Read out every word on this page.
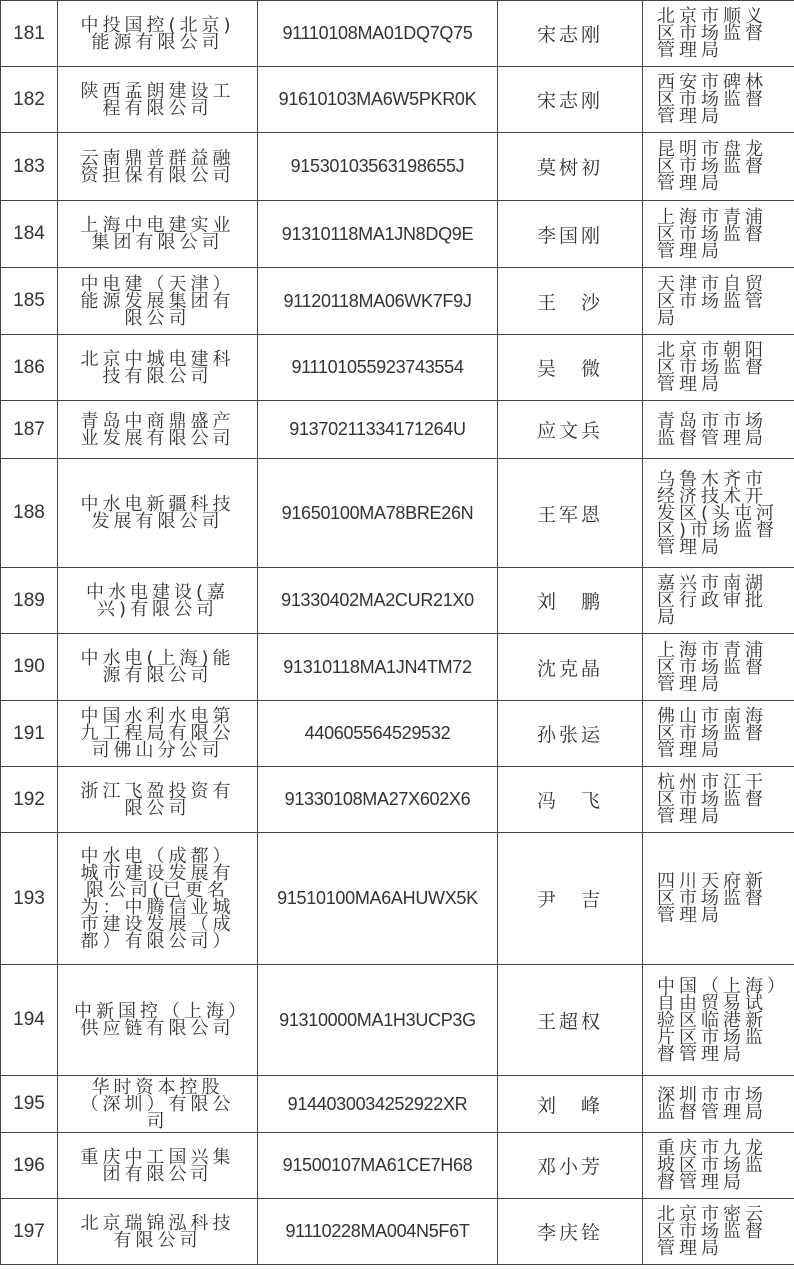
181	中投国控(北京)能源有限公司	91110108MA01DQ7Q75	宋志刚	北京市顺义区市场监督管理局

182	陕西孟朗建设工程有限公司	91610103MA6W5PKR0K	宋志刚	西安市碑林区市场监督管理局

183	云南鼎普群益融资担保有限公司	915301035631986​55J	莫树初	昆明市盘龙区市场监督管理局

184	上海中电建实业集团有限公司	91310118MA1JN8DQ9E	李国刚	上海市青浦区市场监督管理局

185	中电建（天津）能源发展集团有限公司	91120118MA06WK7F9J	王　沙	天津市自贸区市场监管局

186	北京中城电建科技有限公司	911101055923743554	吴　微	北京市朝阳区市场监督管理局

187	青岛中商鼎盛产业发展有限公司	91370211334171264U	应文兵	青岛市市场监督管理局

188	中水电新疆科技发展有限公司	91650100MA78BRE26N	王军恩	乌鲁木齐市经济技术开发区(头屯河区)市场监督管理局

189	中水电建设(嘉兴)有限公司	91330402MA2CUR21X0	刘　鹏	嘉兴市南湖区行政审批局

190	中水电(上海)能源有限公司	91310118MA1JN4TM72	沈克晶	上海市青浦区市场监督管理局

191	中国水利水电第九工程局有限公司佛山分公司	440605564529532	孙张运	佛山市南海区市场监督管理局

192	浙江飞盈投资有限公司	91330108MA27X602X6	冯　飞	杭州市江干区市场监督管理局

193	中水电（成都）城市建设发展有限公司(已更名为：中腾信业城市建设发展（成都）有限公司）	91510100MA6AHUWX5K	尹　吉	四川天府新区市场监督管理局

194	中新国控（上海）供应链有限公司	91310000MA1H3UCP3G	王超权	中国（上海）自由贸易试验区临港新片区市场监督管理局

195	华时资本控股（深圳）有限公司	914403003425292​2XR	刘　峰	深圳市市场监督管理局

196	重庆中工国兴集团有限公司	91500107MA61CE7H68	邓小芳	重庆市九龙坡区市场监督管理局

197	北京瑞锦泓科技有限公司	91110228MA004N5F6T	李庆铨	北京市密云区市场监督管理局
